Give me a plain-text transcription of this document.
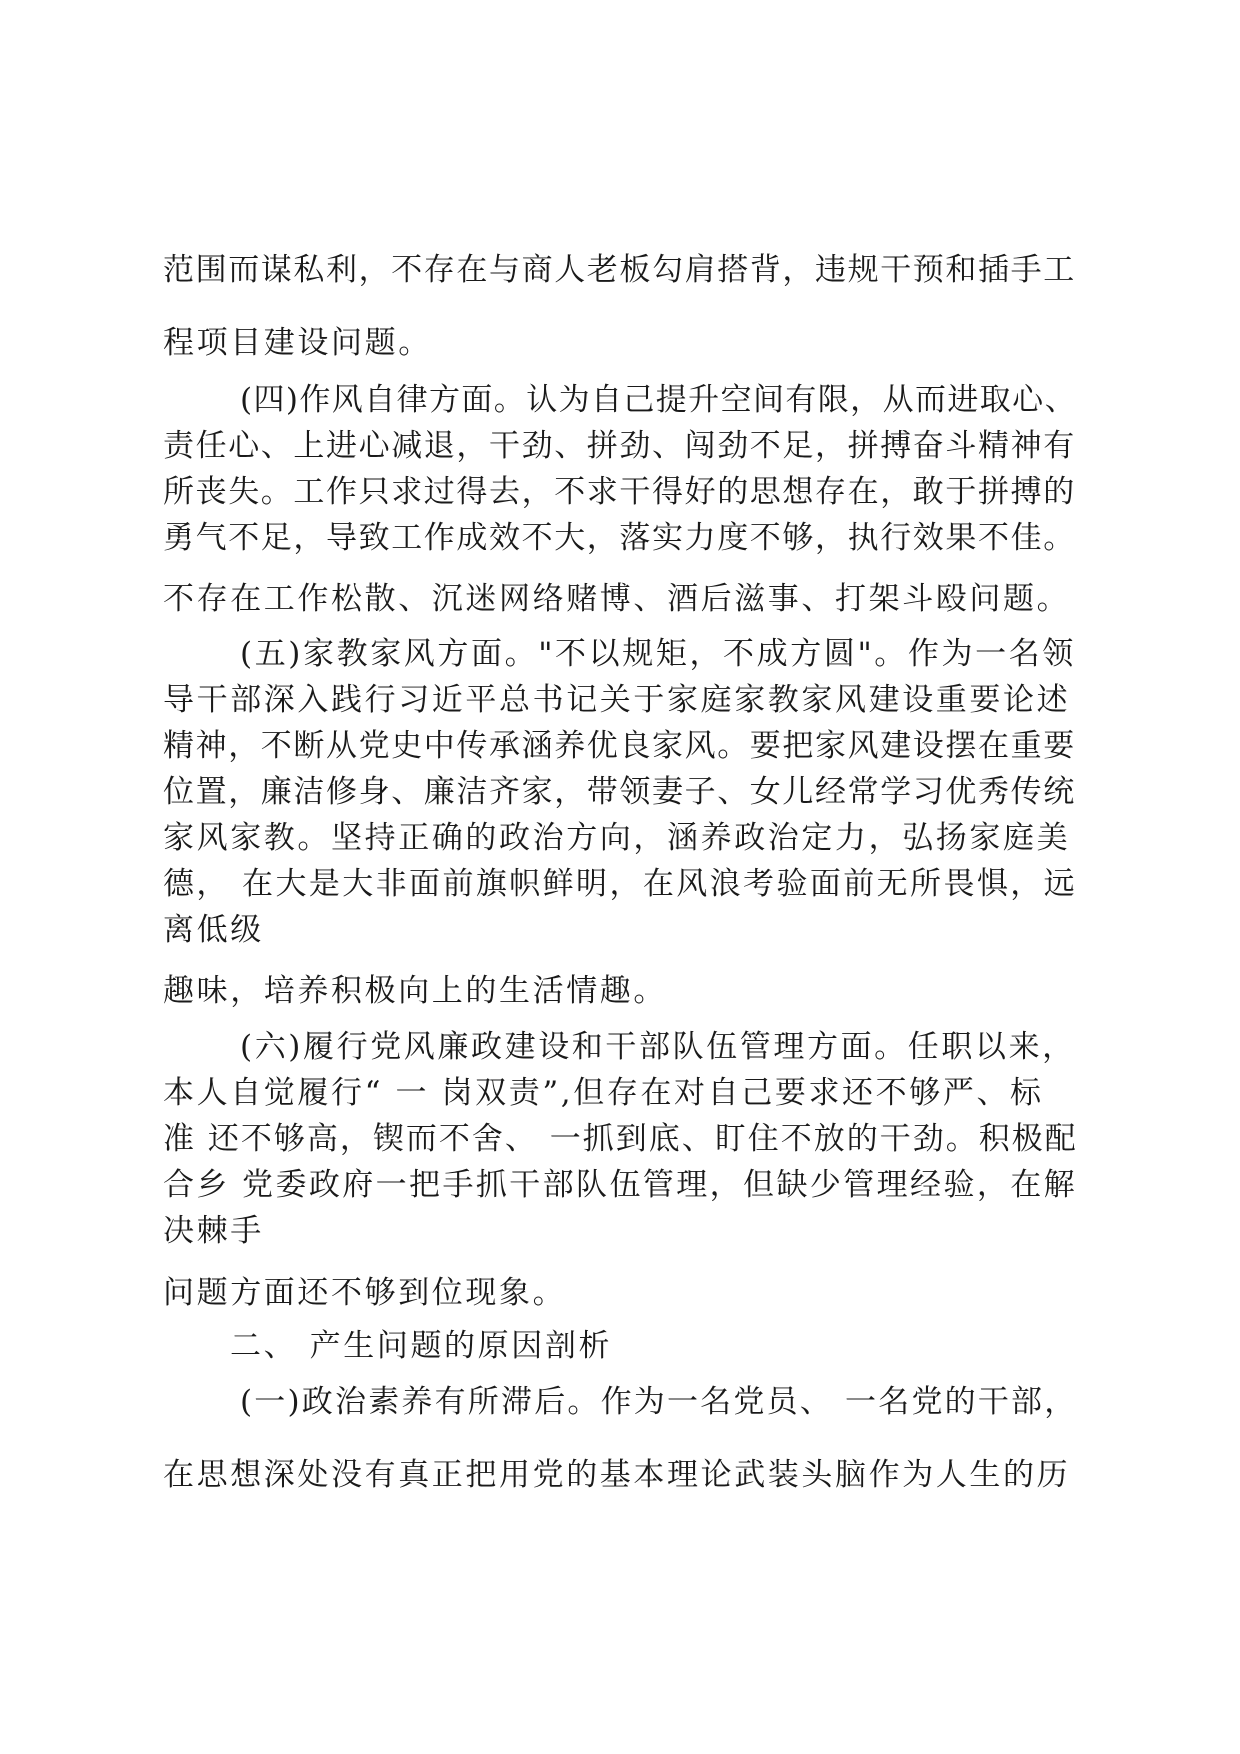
范围而谋私利，不存在与商人老板勾肩搭背，违规干预和插手工
程项目建设问题。
(四)作风自律方面。认为自己提升空间有限，从而进取心、
责任心、上进心减退，干劲、拼劲、闯劲不足，拼搏奋斗精神有
所丧失。工作只求过得去，不求干得好的思想存在，敢于拼搏的
勇气不足，导致工作成效不大，落实力度不够，执行效果不佳。
不存在工作松散、沉迷网络赌博、酒后滋事、打架斗殴问题。
(五)家教家风方面。"不以规矩，不成方圆"。作为一名领
导干部深入践行习近平总书记关于家庭家教家风建设重要论述
精神，不断从党史中传承涵养优良家风。要把家风建设摆在重要
位置，廉洁修身、廉洁齐家，带领妻子、女儿经常学习优秀传统
家风家教。坚持正确的政治方向，涵养政治定力，弘扬家庭美
德， 在大是大非面前旗帜鲜明，在风浪考验面前无所畏惧，远
离低级
趣味，培养积极向上的生活情趣。
(六)履行党风廉政建设和干部队伍管理方面。任职以来，
本人自觉履行“ 一 岗双责”,但存在对自己要求还不够严、标
准 还不够高，锲而不舍、 一抓到底、盯住不放的干劲。积极配
合乡 党委政府一把手抓干部队伍管理，但缺少管理经验，在解
决棘手
问题方面还不够到位现象。
二、 产生问题的原因剖析
(一)政治素养有所滞后。作为一名党员、 一名党的干部，
在思想深处没有真正把用党的基本理论武装头脑作为人生的历
